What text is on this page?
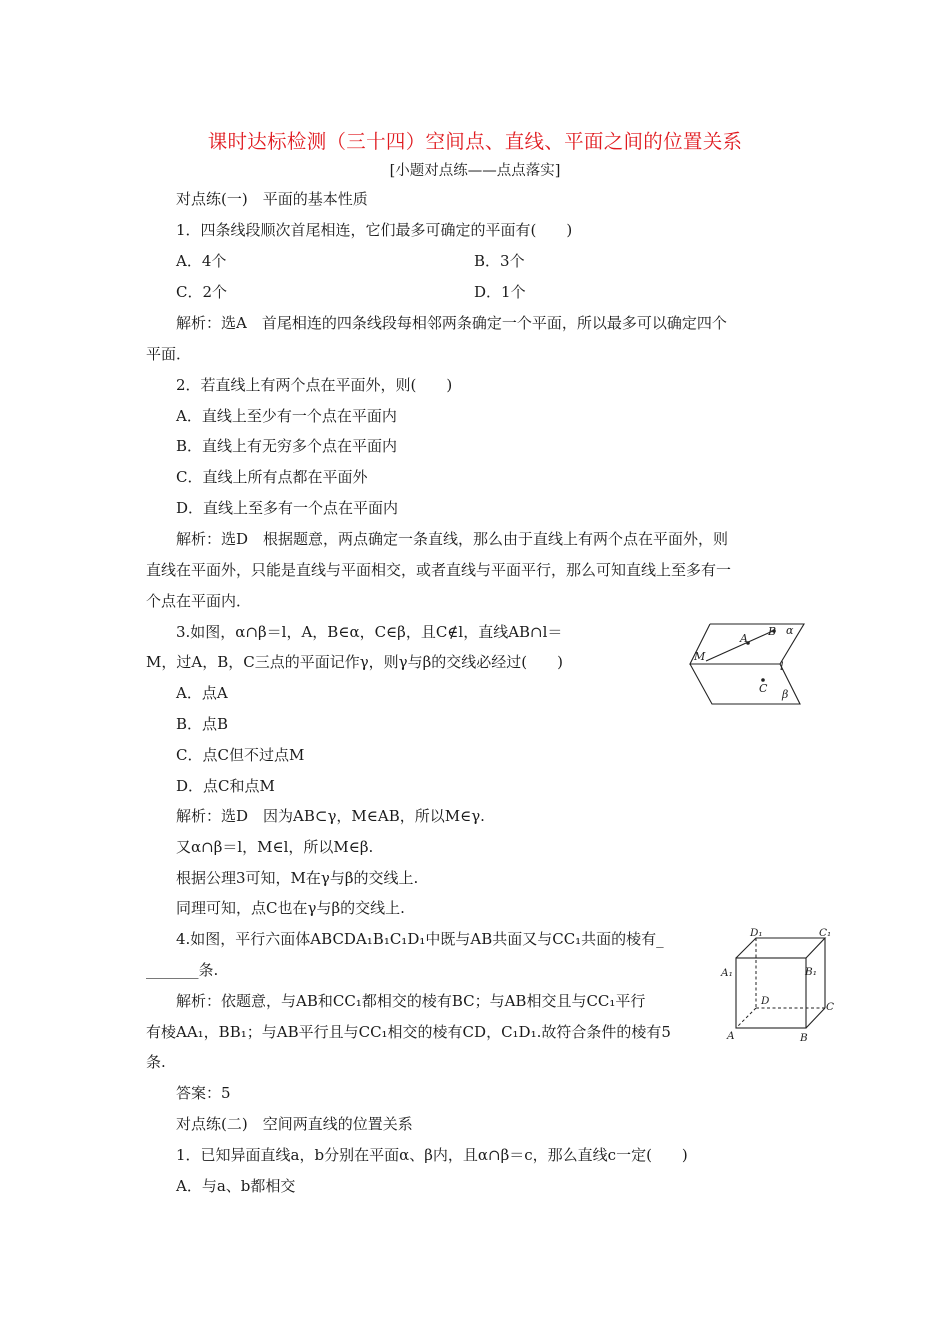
课时达标检测（三十四）空间点、直线、平面之间的位置关系
[小题对点练——点点落实]
对点练(一)　平面的基本性质
1．四条线段顺次首尾相连，它们最多可确定的平面有(　　)
A．4个	B．3个
C．2个	D．1个
解析：选A　首尾相连的四条线段每相邻两条确定一个平面，所以最多可以确定四个
平面．
2．若直线上有两个点在平面外，则(　　)
A．直线上至少有一个点在平面内
B．直线上有无穷多个点在平面内
C．直线上所有点都在平面外
D．直线上至多有一个点在平面内
解析：选D　根据题意，两点确定一条直线，那么由于直线上有两个点在平面外，则
直线在平面外，只能是直线与平面相交，或者直线与平面平行，那么可知直线上至多有一
个点在平面内．
3.如图，α∩β＝l，A，B∈α，C∈β，且C∉l，直线AB∩l＝
M，过A，B，C三点的平面记作γ，则γ与β的交线必经过(　　)
A．点A
B．点B
C．点C但不过点M
D．点C和点M
解析：选D　因为AB⊂γ，M∈AB，所以M∈γ.
又α∩β＝l，M∈l，所以M∈β.
根据公理3可知，M在γ与β的交线上.
同理可知，点C也在γ与β的交线上.
4.如图，平行六面体ABCDA₁B₁C₁D₁中既与AB共面又与CC₁共面的棱有_
_______条.
解析：依题意，与AB和CC₁都相交的棱有BC；与AB相交且与CC₁平行
有棱AA₁，BB₁；与AB平行且与CC₁相交的棱有CD，C₁D₁.故符合条件的棱有5
条.
答案：5
对点练(二)　空间两直线的位置关系
1．已知异面直线a，b分别在平面α、β内，且α∩β＝c，那么直线c一定(　　)
A．与a、b都相交
A
B α
M
l
C β
D₁	C₁
A₁	B₁
D	C
A	B
